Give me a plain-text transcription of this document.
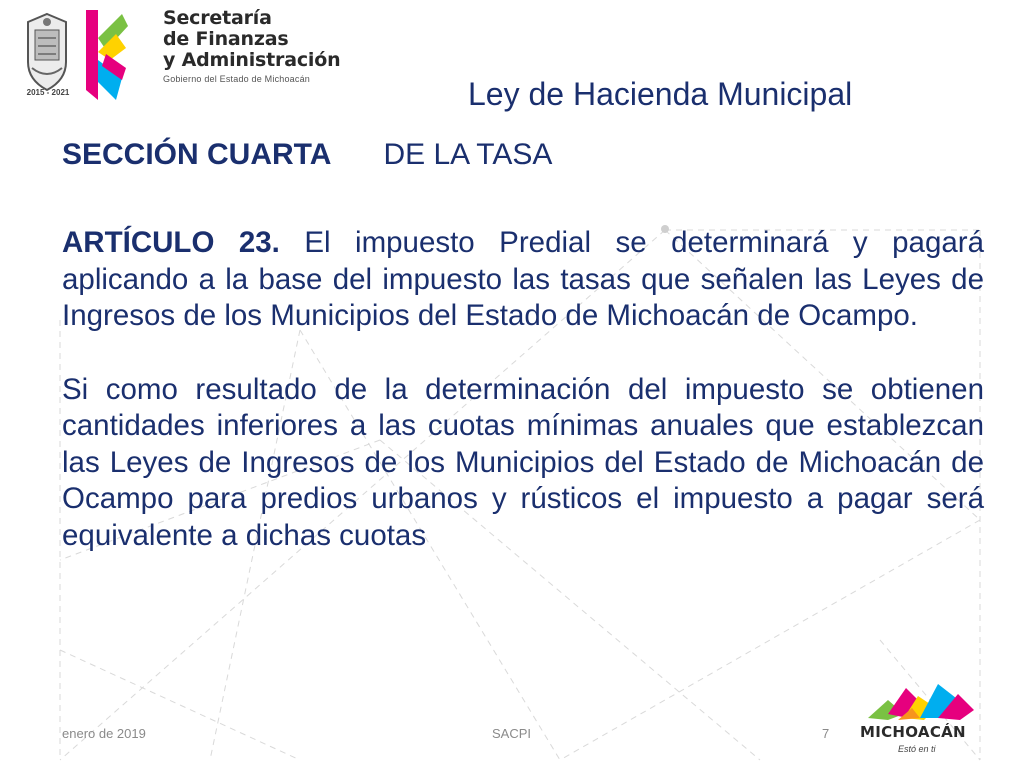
2015 - 2021
Secretaría
de Finanzas
y Administración
Gobierno del Estado de Michoacán	Ley de Hacienda Municipal
SECCIÓN CUARTA DE LA TASA

ARTÍCULO 23. El impuesto Predial se determinará y pagará aplicando a la base del impuesto las tasas que señalen las Leyes de Ingresos de los Municipios del Estado de Michoacán de Ocampo.

Si como resultado de la determinación del impuesto se obtienen cantidades inferiores a las cuotas mínimas anuales que establezcan las Leyes de Ingresos de los Municipios del Estado de Michoacán de Ocampo para predios urbanos y rústicos el impuesto a pagar será equivalente a dichas cuotas

enero de 2019	SACPI	7 MICHOACÁN
Estó en ti
